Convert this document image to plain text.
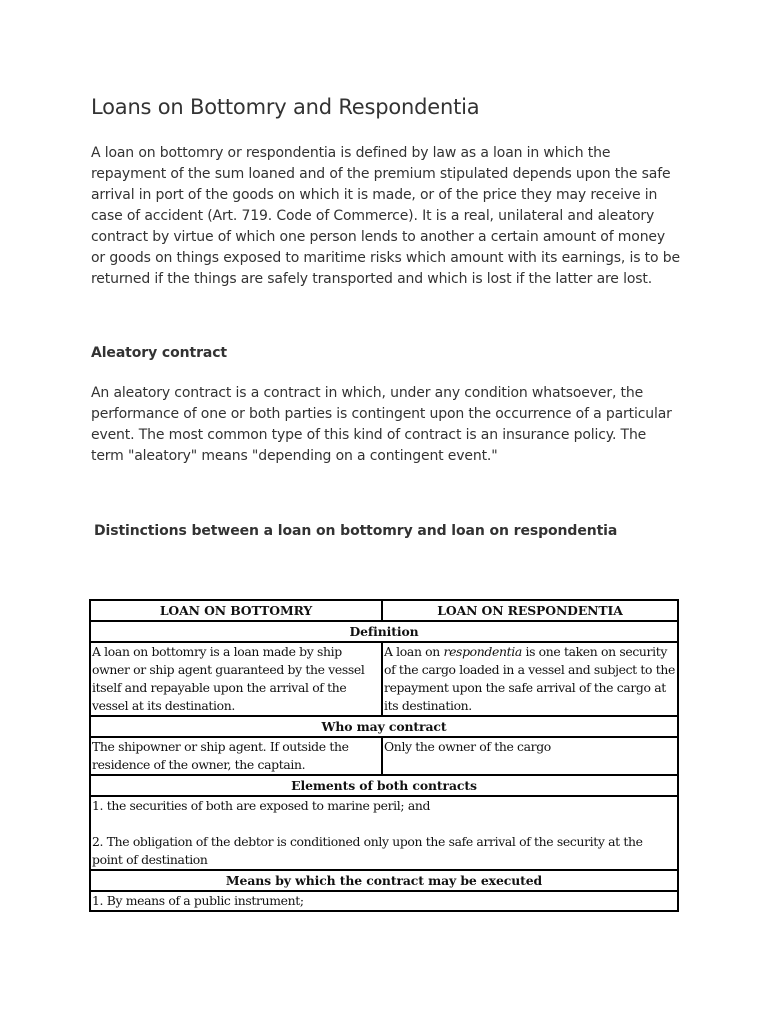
Loans on Bottomry and Respondentia

A loan on bottomry or respondentia is defined by law as a loan in which the repayment of the sum loaned and of the premium stipulated depends upon the safe arrival in port of the goods on which it is made, or of the price they may receive in case of accident (Art. 719. Code of Commerce). It is a real, unilateral and aleatory contract by virtue of which one person lends to another a certain amount of money or goods on things exposed to maritime risks which amount with its earnings, is to be returned if the things are safely transported and which is lost if the latter are lost.

Aleatory contract

An aleatory contract is a contract in which, under any condition whatsoever, the performance of one or both parties is contingent upon the occurrence of a particular event. The most common type of this kind of contract is an insurance policy. The term "aleatory" means "depending on a contingent event."

Distinctions between a loan on bottomry and loan on respondentia
LOAN ON BOTTOMRY	LOAN ON RESPONDENTIA
Definition	
A loan on bottomry is a loan made by ship owner or ship agent guaranteed by the vessel itself and repayable upon the arrival of the vessel at its destination.	A loan on respondentia is one taken on security of the cargo loaded in a vessel and subject to the repayment upon the safe arrival of the cargo at its destination.
Who may contract	
The shipowner or ship agent. If outside the residence of the owner, the captain.	Only the owner of the cargo
Elements of both contracts	

1. the securities of both are exposed to marine peril; and
2. The obligation of the debtor is conditioned only upon the safe arrival of the security at the point of destination	

Means by which the contract may be executed	
1. By means of a public instrument;	
